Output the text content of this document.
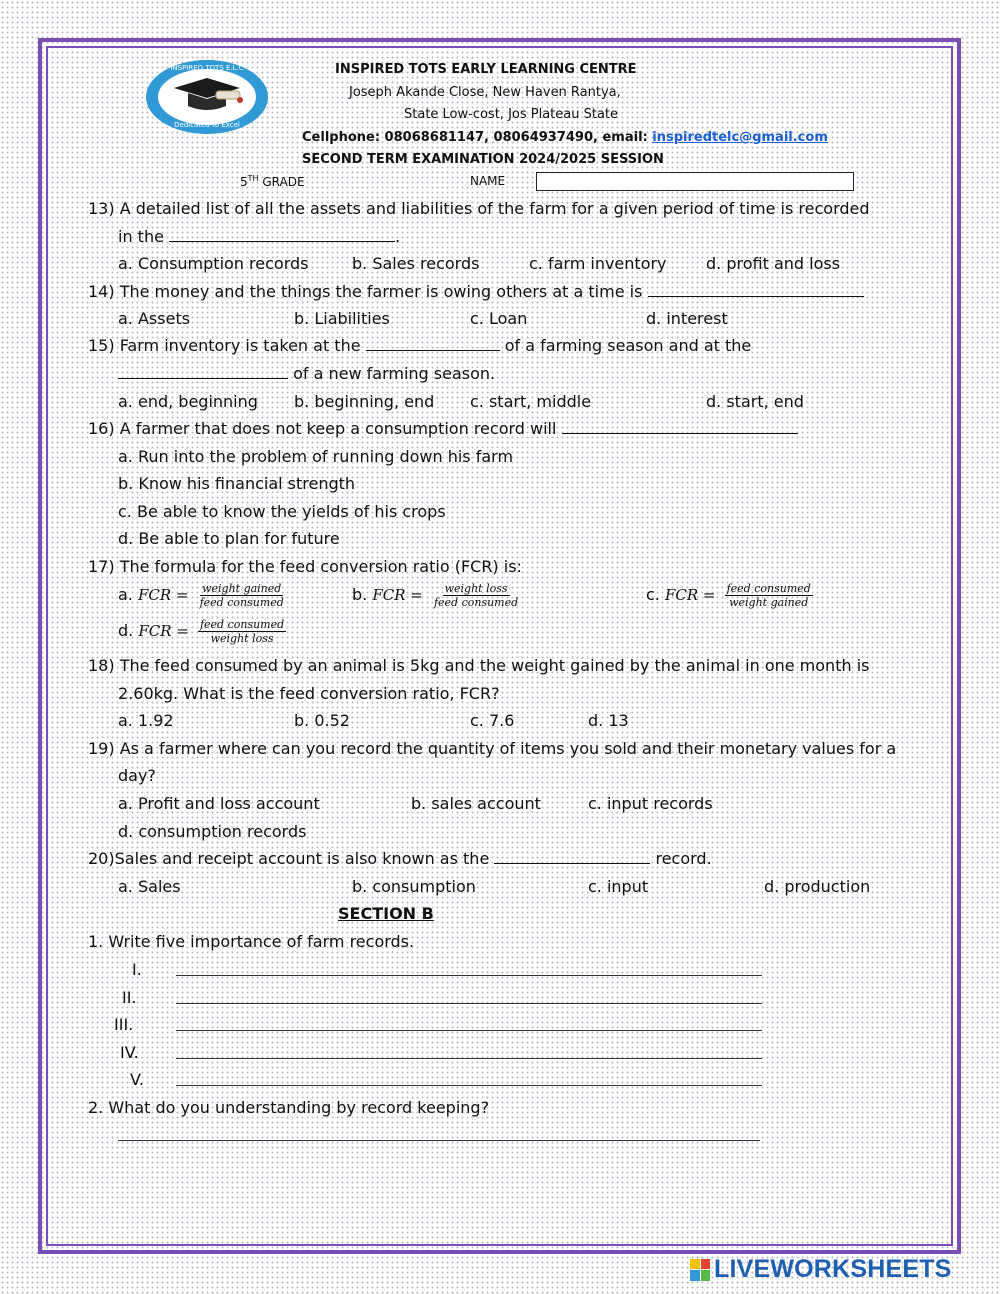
INSPIRED TOTS E.L.C
Dedicated to Excel
INSPIRED TOTS EARLY LEARNING CENTRE
Joseph Akande Close, New Haven Rantya,
State Low-cost, Jos Plateau State
Cellphone: 08068681147, 08064937490, email: inspiredtelc@gmail.com
SECOND TERM EXAMINATION 2024/2025 SESSION
5TH GRADE	NAME
13) A detailed list of all the assets and liabilities of the farm for a given period of time is recorded
in the	.
a. Consumption records	b. Sales records	c. farm inventory d. profit and loss
14) The money and the things the farmer is owing others at a time is
a. Assets	b. Liabilities	c. Loan	d. interest
15) Farm inventory is taken at the	of a farming season and at the
of a new farming season.
a. end, beginning b. beginning, end c. start, middle	d. start, end
16) A farmer that does not keep a consumption record will
a. Run into the problem of running down his farm
b. Know his financial strength
c. Be able to know the yields of his crops
d. Be able to plan for future
17) The formula for the feed conversion ratio (FCR) is:
a. FCR = $\frac{\text{weight gained}}{\text{feed consumed}}$	b. FCR = $\frac{\text{weight loss}}{\text{feed consumed}}$	c. FCR = $\frac{\text{feed consumed}}{\text{weight gained}}$
d. FCR = $\frac{\text{feed consumed}}{\text{weight loss}}$
18) The feed consumed by an animal is 5kg and the weight gained by the animal in one month is
2.60kg. What is the feed conversion ratio, FCR?
a. 1.92	b. 0.52	c. 7.6	d. 13
19) As a farmer where can you record the quantity of items you sold and their monetary values for a
day?
a. Profit and loss account	b. sales account	c. input records
d. consumption records
20)Sales and receipt account is also known as the	record.
a. Sales	b. consumption	c. input	d. production
SECTION B
1. Write five importance of farm records.
I.
II.
III.
IV.
V.
2. What do you understanding by record keeping?
LIVEWORKSHEETS
